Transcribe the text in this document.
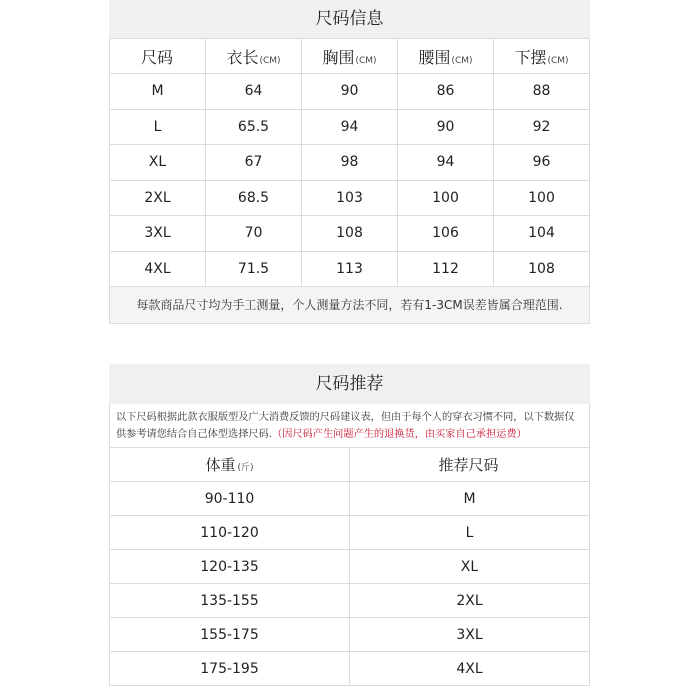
尺码信息
尺码	衣长(CM)	胸围(CM)	腰围(CM)	下摆(CM)
M	64	90	86	88
L	65.5	94	90	92
XL	67	98	94	96
2XL	68.5	103	100	100
3XL	70	108	106	104
4XL	71.5	113	112	108
每款商品尺寸均为手工测量，个人测量方法不同，若有1-3CM误差皆属合理范围.
尺码推荐
以下尺码根据此款衣服版型及广大消费反馈的尺码建议表，但由于每个人的穿衣习惯不同，以下数据仅供参考请您结合自己体型选择尺码.（因尺码产生问题产生的退换货，由买家自己承担运费）
体重 (斤)	推荐尺码
90-110	M
110-120	L
120-135	XL
135-155	2XL
155-175	3XL
175-195	4XL
